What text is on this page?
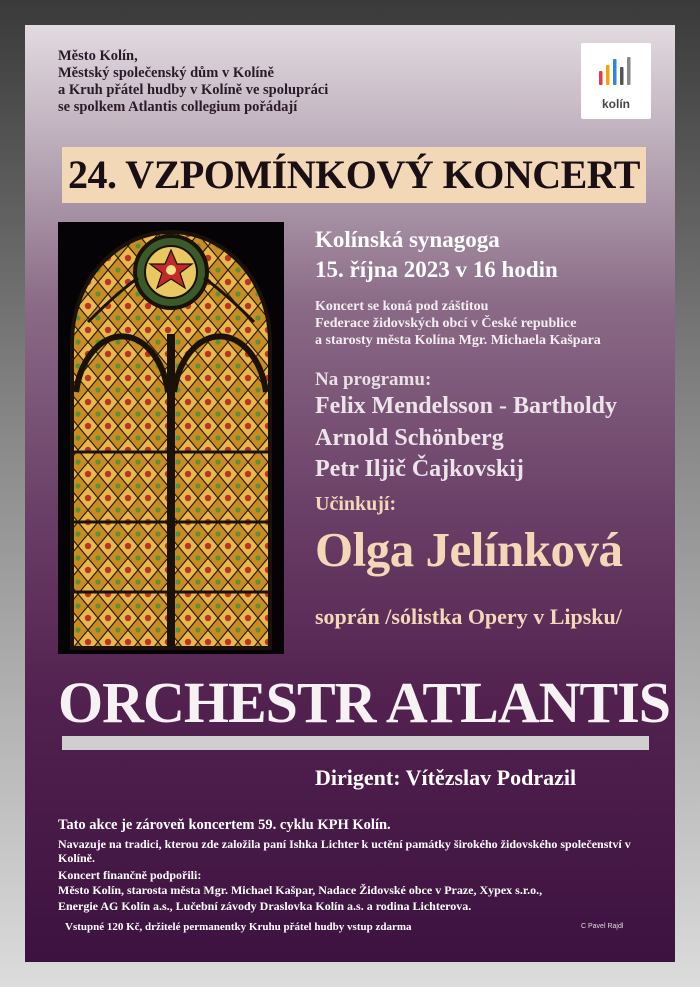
Město Kolín,
Městský společenský dům v Kolíně
a Kruh přátel hudby v Kolíně ve spolupráci
se spolkem Atlantis collegium pořádají	kolín
24. VZPOMÍNKOVÝ KONCERT
Kolínská synagoga
15. října 2023 v 16 hodin
Koncert se koná pod záštitou
Federace židovských obcí v České republice
a starosty města Kolína Mgr. Michaela Kašpara
Na programu:
Felix Mendelsson - Bartholdy
Arnold Schönberg
Petr Iljič Čajkovskij
Učinkují:
Olga Jelínková
soprán /sólistka Opery v Lipsku/
ORCHESTR ATLANTIS
Dirigent: Vítězslav Podrazil
Tato akce je zároveň koncertem 59. cyklu KPH Kolín.
Navazuje na tradici, kterou zde založila paní Ishka Lichter k uctění památky širokého židovského společenství v Kolíně.
Koncert finančně podpořili:
Město Kolín, starosta města Mgr. Michael Kašpar, Nadace Židovské obce v Praze, Xypex s.r.o.,
Energie AG Kolín a.s., Lučební závody Draslovka Kolín a.s. a rodina Lichterova.
Vstupné 120 Kč, držitelé permanentky Kruhu přátel hudby vstup zdarma	C Pavel Rajdl
